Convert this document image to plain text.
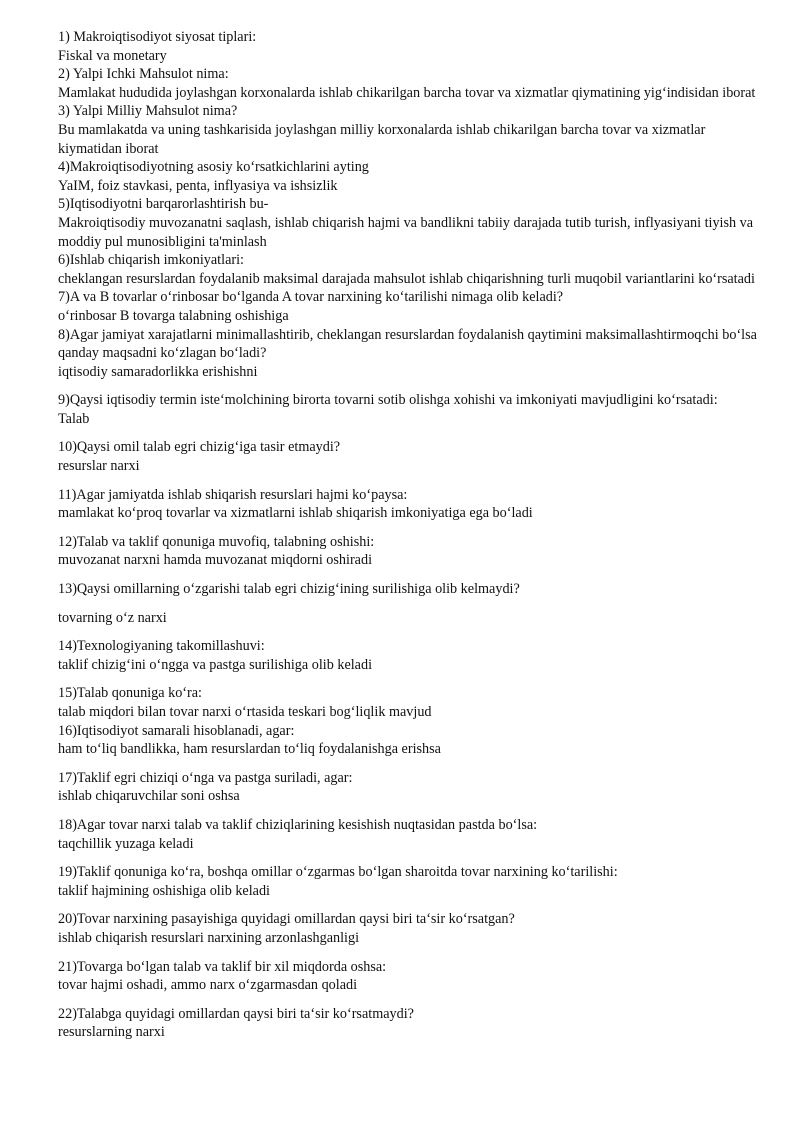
1) Makroiqtisodiyot siyosat tiplari:

Fiskal va monetary

2) Yalpi Ichki Mahsulot nima:

Mamlakat hududida joylashgan korxonalarda ishlab chikarilgan barcha tovar va xizmatlar qiymatining yig‘indisidan iborat

3) Yalpi Milliy Mahsulot nima?

Bu mamlakatda va uning tashkarisida joylashgan milliy korxonalarda ishlab chikarilgan barcha tovar va xizmatlar kiymatidan iborat

4)Makroiqtisodiyotning asosiy ko‘rsatkichlarini ayting

YaIM, foiz stavkasi, penta, inflyasiya va ishsizlik

5)Iqtisodiyotni barqarorlashtirish bu-

Makroiqtisodiy muvozanatni saqlash, ishlab chiqarish hajmi va bandlikni tabiiy darajada tutib turish, inflyasiyani tiyish va moddiy pul munosibligini ta'minlash

6)Ishlab chiqarish imkoniyatlari:

cheklangan resurslardan foydalanib maksimal darajada mahsulot ishlab chiqarishning turli muqobil variantlarini ko‘rsatadi

7)A va B tovarlar o‘rinbosar bo‘lganda A tovar narxining ko‘tarilishi nimaga olib keladi?

o‘rinbosar B tovarga talabning oshishiga

8)Agar jamiyat xarajatlarni minimallashtirib, cheklangan resurslardan foydalanish qaytimini maksimallashtirmoqchi bo‘lsa qanday maqsadni ko‘zlagan bo‘ladi?

iqtisodiy samaradorlikka erishishni

9)Qaysi iqtisodiy termin iste‘molchining birorta tovarni sotib olishga xohishi va imkoniyati mavjudligini ko‘rsatadi:

Talab

10)Qaysi omil talab egri chizig‘iga tasir etmaydi?

resurslar narxi

11)Agar jamiyatda ishlab shiqarish resurslari hajmi ko‘paysa:

mamlakat ko‘proq tovarlar va xizmatlarni ishlab shiqarish imkoniyatiga ega bo‘ladi

12)Talab va taklif qonuniga muvofiq, talabning oshishi:

muvozanat narxni hamda muvozanat miqdorni oshiradi

13)Qaysi omillarning o‘zgarishi talab egri chizig‘ining surilishiga olib kelmaydi?

tovarning o‘z narxi

14)Texnologiyaning takomillashuvi:

taklif chizig‘ini o‘ngga va pastga surilishiga olib keladi

15)Talab qonuniga ko‘ra:

talab miqdori bilan tovar narxi o‘rtasida teskari bog‘liqlik mavjud

16)Iqtisodiyot samarali hisoblanadi, agar:

ham to‘liq bandlikka, ham resurslardan to‘liq foydalanishga erishsa

17)Taklif egri chiziqi o‘nga va pastga suriladi, agar:

ishlab chiqaruvchilar soni oshsa

18)Agar tovar narxi talab va taklif chiziqlarining kesishish nuqtasidan pastda bo‘lsa:

taqchillik yuzaga keladi

19)Taklif qonuniga ko‘ra, boshqa omillar o‘zgarmas bo‘lgan sharoitda tovar narxining ko‘tarilishi:

taklif hajmining oshishiga olib keladi

20)Tovar narxining pasayishiga quyidagi omillardan qaysi biri ta‘sir ko‘rsatgan?

ishlab chiqarish resurslari narxining arzonlashganligi

21)Tovarga bo‘lgan talab va taklif bir xil miqdorda oshsa:

tovar hajmi oshadi, ammo narx o‘zgarmasdan qoladi

22)Talabga quyidagi omillardan qaysi biri ta‘sir ko‘rsatmaydi?

resurslarning narxi
